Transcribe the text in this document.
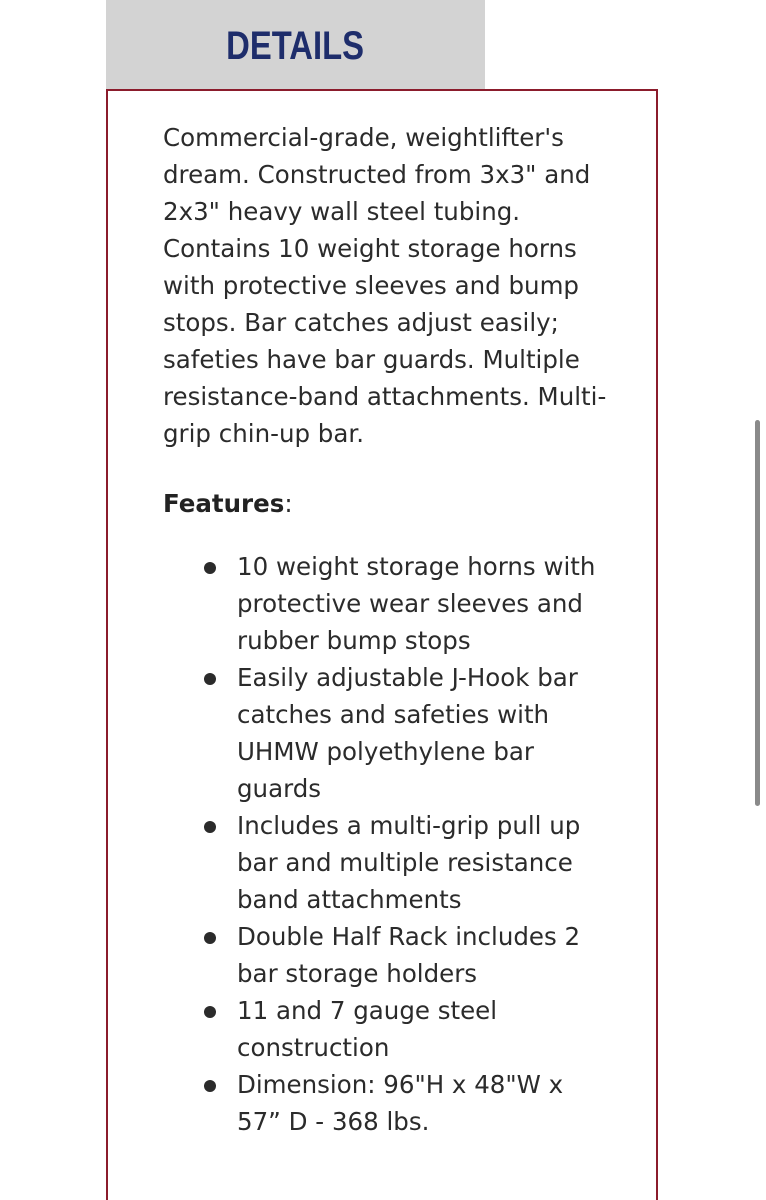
DETAILS

Commercial-grade, weightlifter's dream. Constructed from 3x3" and 2x3" heavy wall steel tubing. Contains 10 weight storage horns with protective sleeves and bump stops. Bar catches adjust easily; safeties have bar guards. Multiple resistance-band attachments. Multi-grip chin-up bar.

Features:

10 weight storage horns with protective wear sleeves and rubber bump stops
Easily adjustable J-Hook bar catches and safeties with UHMW polyethylene bar guards
Includes a multi-grip pull up bar and multiple resistance band attachments
Double Half Rack includes 2 bar storage holders
11 and 7 gauge steel construction
Dimension: 96"H x 48"W x 57” D - 368 lbs.
